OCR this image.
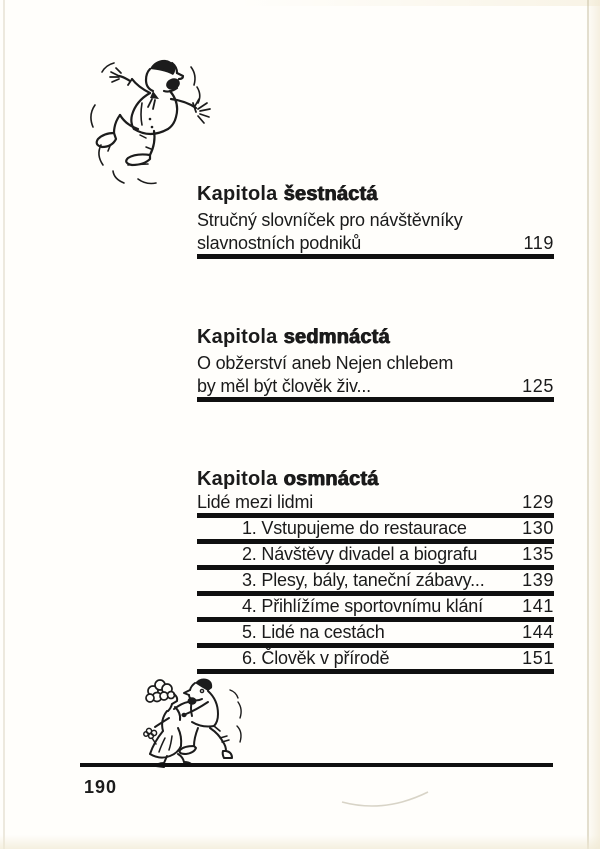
Kapitola šestnáctá
Stručný slovníček pro návštěvníky
slavnostních podniků	119
Kapitola sedmnáctá
O obžerství aneb Nejen chlebem
by měl být člověk živ...	125
Kapitola osmnáctá
Lidé mezi lidmi	129
1. Vstupujeme do restaurace	130
2. Návštěvy divadel a biografu	135
3. Plesy, bály, taneční zábavy... 139
4. Přihlížíme sportovnímu klání 141
5. Lidé na cestách	144
6. Člověk v přírodě	151
190
